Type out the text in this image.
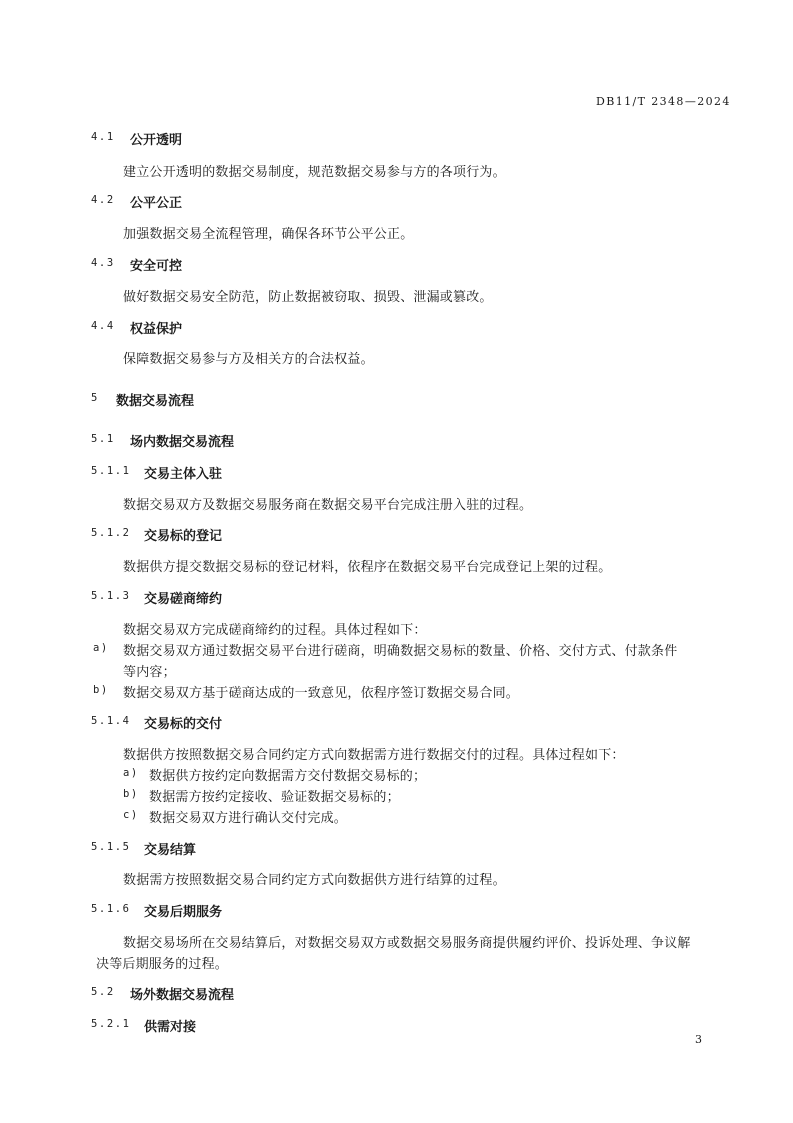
DB11/T 2348—2024
4.1 公开透明
建立公开透明的数据交易制度，规范数据交易参与方的各项行为。
4.2 公平公正
加强数据交易全流程管理，确保各环节公平公正。
4.3 安全可控
做好数据交易安全防范，防止数据被窃取、损毁、泄漏或篡改。
4.4 权益保护
保障数据交易参与方及相关方的合法权益。
5 数据交易流程
5.1 场内数据交易流程
5.1.1 交易主体入驻
数据交易双方及数据交易服务商在数据交易平台完成注册入驻的过程。
5.1.2 交易标的登记
数据供方提交数据交易标的登记材料，依程序在数据交易平台完成登记上架的过程。
5.1.3 交易磋商缔约
数据交易双方完成磋商缔约的过程。具体过程如下：
a) 数据交易双方通过数据交易平台进行磋商，明确数据交易标的数量、价格、交付方式、付款条件
等内容；
b) 数据交易双方基于磋商达成的一致意见，依程序签订数据交易合同。
5.1.4 交易标的交付
数据供方按照数据交易合同约定方式向数据需方进行数据交付的过程。具体过程如下：
a) 数据供方按约定向数据需方交付数据交易标的；
b) 数据需方按约定接收、验证数据交易标的；
c) 数据交易双方进行确认交付完成。
5.1.5 交易结算
数据需方按照数据交易合同约定方式向数据供方进行结算的过程。
5.1.6 交易后期服务
数据交易场所在交易结算后，对数据交易双方或数据交易服务商提供履约评价、投诉处理、争议解
决等后期服务的过程。
5.2 场外数据交易流程
5.2.1 供需对接
3
